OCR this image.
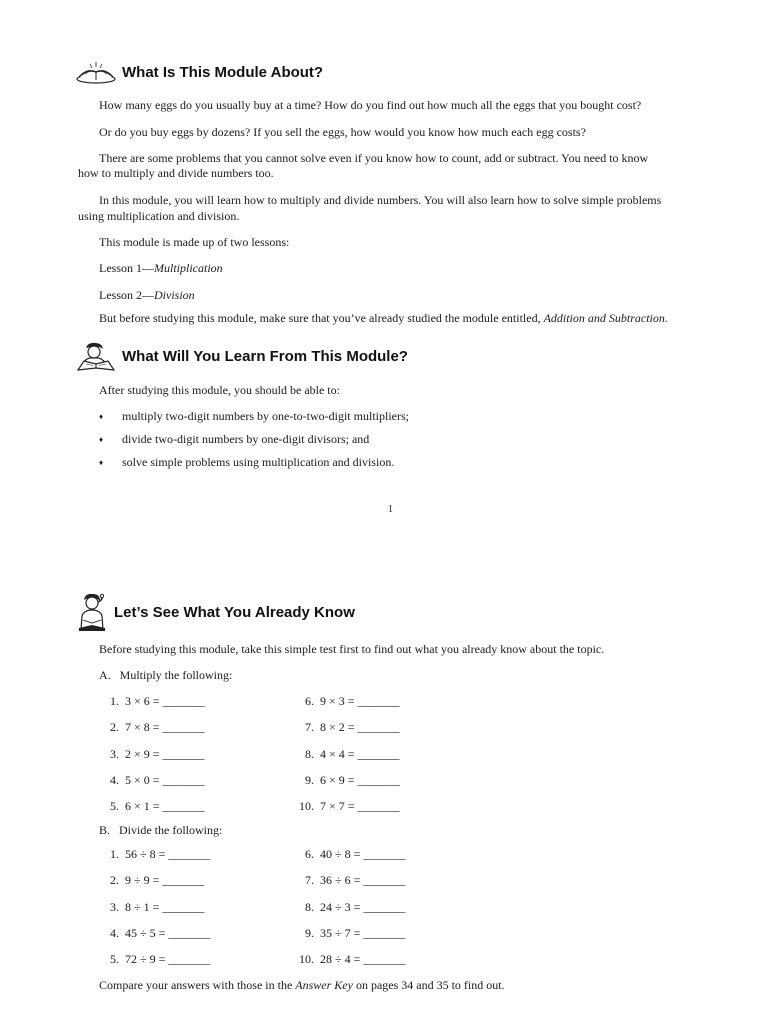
What Is This Module About?
How many eggs do you usually buy at a time? How do you find out how much all the eggs that you bought cost?
Or do you buy eggs by dozens? If you sell the eggs, how would you know how much each egg costs?
There are some problems that you cannot solve even if you know how to count, add or subtract. You need to know
how to multiply and divide numbers too.
In this module, you will learn how to multiply and divide numbers. You will also learn how to solve simple problems
using multiplication and division.
This module is made up of two lessons:
Lesson 1—Multiplication
Lesson 2—Division
But before studying this module, make sure that you’ve already studied the module entitled, Addition and Subtraction.
What Will You Learn From This Module?
After studying this module, you should be able to:
♦ multiply two-digit numbers by one-to-two-digit multipliers;
♦ divide two-digit numbers by one-digit divisors; and
♦ solve simple problems using multiplication and division.
1
Let’s See What You Already Know
Before studying this module, take this simple test first to find out what you already know about the topic.
A. Multiply the following:
1. 3 × 6 = _______
2. 7 × 8 = _______
3. 2 × 9 = _______
4. 5 × 0 = _______
5. 6 × 1 = _______
6. 9 × 3 = _______
7. 8 × 2 = _______
8. 4 × 4 = _______
9. 6 × 9 = _______
10. 7 × 7 = _______
B. Divide the following:
1. 56 ÷ 8 = _______
2. 9 ÷ 9 = _______
3. 8 ÷ 1 = _______
4. 45 ÷ 5 = _______
5. 72 ÷ 9 = _______
6. 40 ÷ 8 = _______
7. 36 ÷ 6 = _______
8. 24 ÷ 3 = _______
9. 35 ÷ 7 = _______
10. 28 ÷ 4 = _______
Compare your answers with those in the Answer Key on pages 34 and 35 to find out.
